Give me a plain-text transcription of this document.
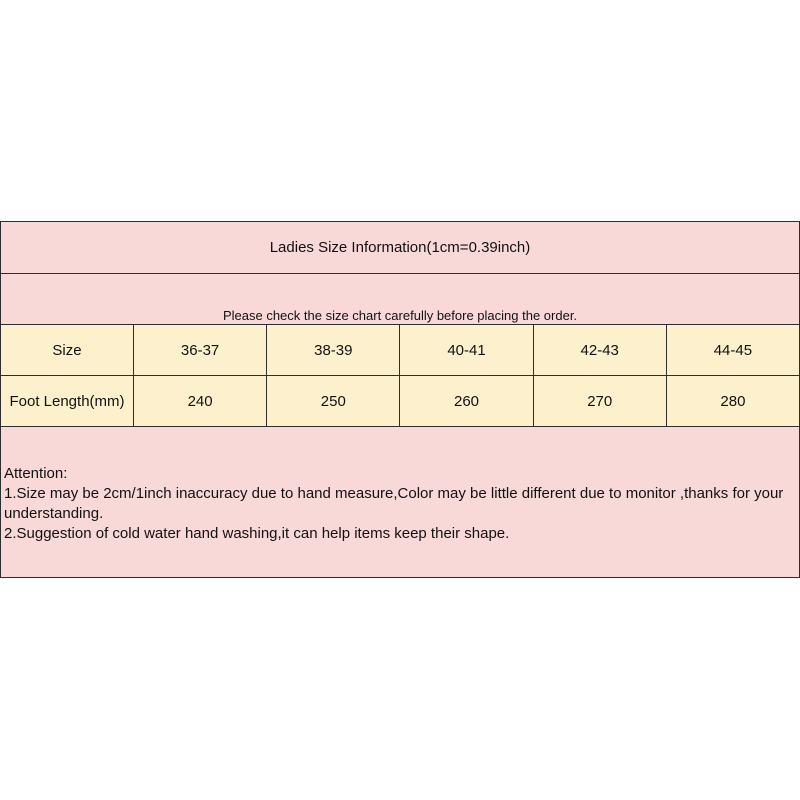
Ladies Size Information(1cm=0.39inch)
Please check the size chart carefully before placing the order.
Size	36-37	38-39	40-41	42-43	44-45
Foot Length(mm)	240	250	260	270	280

Attention:

1.Size may be 2cm/1inch inaccuracy due to hand measure,Color may be little different due to monitor ,thanks for your understanding.

2.Suggestion of cold water hand washing,it can help items keep their shape.
